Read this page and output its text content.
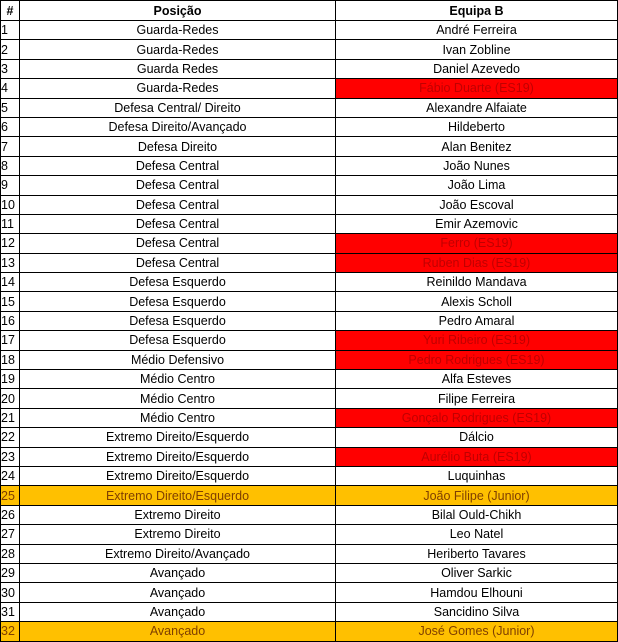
#	Posição	Equipa B
1	Guarda-Redes	André Ferreira
2	Guarda-Redes	Ivan Zobline
3	Guarda Redes	Daniel Azevedo
4	Guarda-Redes	Fábio Duarte (ES19)
5	Defesa Central/ Direito	Alexandre Alfaiate
6	Defesa Direito/Avançado	Hildeberto
7	Defesa Direito	Alan Benitez
8	Defesa Central	João Nunes
9	Defesa Central	João Lima
10	Defesa Central	João Escoval
11	Defesa Central	Emir Azemovic
12	Defesa Central	Ferro (ES19)
13	Defesa Central	Ruben Dias (ES19)
14	Defesa Esquerdo	Reinildo Mandava
15	Defesa Esquerdo	Alexis Scholl
16	Defesa Esquerdo	Pedro Amaral
17	Defesa Esquerdo	Yuri Ribeiro (ES19)
18	Médio Defensivo	Pedro Rodrigues (ES19)
19	Médio Centro	Alfa Esteves
20	Médio Centro	Filipe Ferreira
21	Médio Centro	Gonçalo Rodrigues (ES19)
22	Extremo Direito/Esquerdo	Dálcio
23	Extremo Direito/Esquerdo	Aurélio Buta (ES19)
24	Extremo Direito/Esquerdo	Luquinhas
25	Extremo Direito/Esquerdo	João Filipe (Junior)
26	Extremo Direito	Bilal Ould-Chikh
27	Extremo Direito	Leo Natel
28	Extremo Direito/Avançado	Heriberto Tavares
29	Avançado	Oliver Sarkic
30	Avançado	Hamdou Elhouni
31	Avançado	Sancidino Silva
32	Avançado	José Gomes (Junior)
